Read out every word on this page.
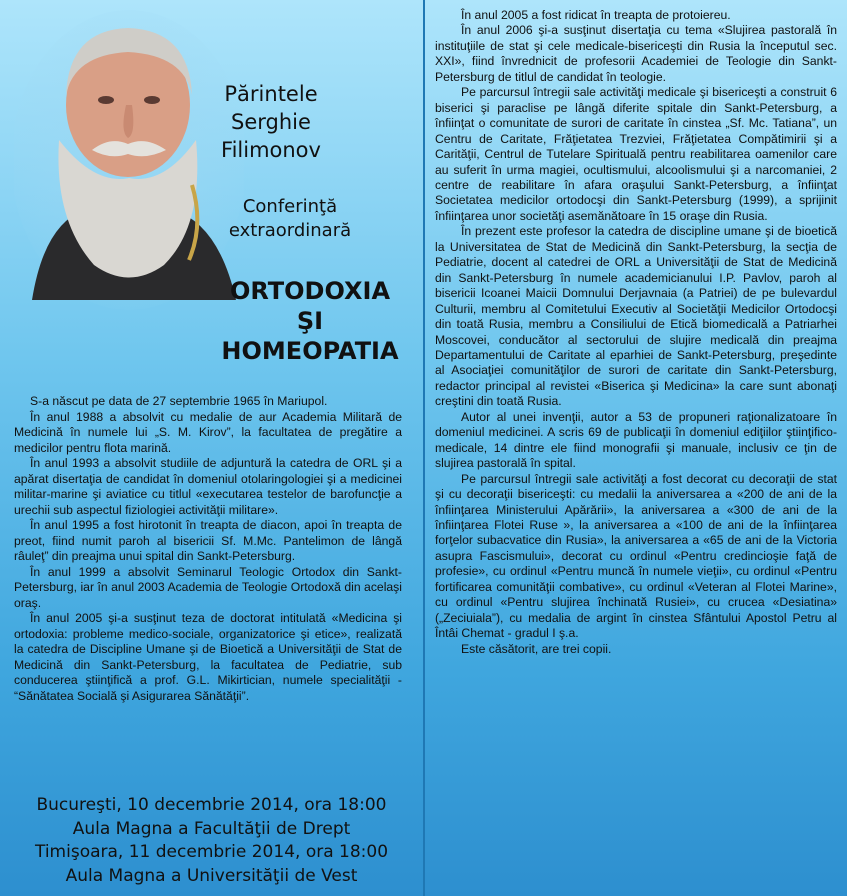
Părintele
Serghie Filimonov
Conferinţă
extraordinară
ORTODOXIA
ŞI
HOMEOPATIA

S-a născut pe data de 27 septembrie 1965 în Mariupol.

În anul 1988 a absolvit cu medalie de aur Academia Militară de Medicină în numele lui „S. M. Kirov”, la facultatea de pregătire a medicilor pentru flota marină.

În anul 1993 a absolvit studiile de adjuntură la catedra de ORL şi a apărat disertaţia de candidat în domeniul otolaringologiei şi a medicinei militar-marine şi aviatice cu titlul «executarea testelor de barofuncţie a urechii sub aspectul fiziologiei activităţii militare».

În anul 1995 a fost hirotonit în treapta de diacon, apoi în treapta de preot, fiind numit paroh al bisericii Sf. M.Mc. Pantelimon de lângă râuleţ” din preajma unui spital din Sankt-Petersburg.

În anul 1999 a absolvit Seminarul Teologic Ortodox din Sankt-Petersburg, iar în anul 2003 Academia de Teologie Ortodoxă din acelaşi oraş.

În anul 2005 şi-a susţinut teza de doctorat intitulată «Medicina şi ortodoxia: probleme medico-sociale, organizatorice şi etice», realizată la catedra de Discipline Umane şi de Bioetică a Universităţii de Stat de Medicină din Sankt-Petersburg, la facultatea de Pediatrie, sub conducerea ştiinţifică a prof. G.L. Mikirtician, numele specialităţii - “Sănătatea Socială şi Asigurarea Sănătăţii”.

Bucureşti, 10 decembrie 2014, ora 18:00
Aula Magna a Facultăţii de Drept
Timişoara, 11 decembrie 2014, ora 18:00
Aula Magna a Universităţii de Vest

În anul 2005 a fost ridicat în treapta de protoiereu.

În anul 2006 şi-a susţinut disertaţia cu tema «Slujirea pastorală în instituţiile de stat şi cele medicale-bisericeşti din Rusia la începutul sec. XXI», fiind învrednicit de profesorii Academiei de Teologie din Sankt-Petersburg de titlul de candidat în teologie.

Pe parcursul întregii sale activităţi medicale şi bisericeşti a construit 6 biserici şi paraclise pe lângă diferite spitale din Sankt-Petersburg, a înfiinţat o comunitate de surori de caritate în cinstea „Sf. Mc. Tatiana”, un Centru de Caritate, Frăţietatea Trezviei, Frăţietatea Compătimirii şi a Carităţii, Centrul de Tutelare Spirituală pentru reabilitarea oamenilor care au suferit în urma magiei, ocultismului, alcoolismului şi a narcomaniei, 2 centre de reabilitare în afara oraşului Sankt-Petersburg, a înfiinţat Societatea medicilor ortodocşi din Sankt-Petersburg (1999), a sprijinit înfiinţarea unor societăţi asemănătoare în 15 oraşe din Rusia.

În prezent este profesor la catedra de discipline umane şi de bioetică la Universitatea de Stat de Medicină din Sankt-Petersburg, la secţia de Pediatrie, docent al catedrei de ORL a Universităţii de Stat de Medicină din Sankt-Petersburg în numele academicianului I.P. Pavlov, paroh al bisericii Icoanei Maicii Domnului Derjavnaia (a Patriei) de pe bulevardul Culturii, membru al Comitetului Executiv al Societăţii Medicilor Ortodocşi din toată Rusia, membru a Consiliului de Etică biomedicală a Patriarhei Moscovei, conducător al sectorului de slujire medicală din preajma Departamentului de Caritate al eparhiei de Sankt-Petersburg, preşedinte al Asociaţiei comunităţilor de surori de caritate din Sankt-Petersburg, redactor principal al revistei «Biserica şi Medicina» la care sunt abonaţi creştini din toată Rusia.

Autor al unei invenţii, autor a 53 de propuneri raţionalizatoare în domeniul medicinei. A scris 69 de publicaţii în domeniul ediţiilor ştiinţifico-medicale, 14 dintre ele fiind monografii şi manuale, inclusiv ce ţin de slujirea pastorală în spital.

Pe parcursul întregii sale activităţi a fost decorat cu decoraţii de stat şi cu decoraţii bisericeşti: cu medalii la aniversarea a «200 de ani de la înfiinţarea Ministerului Apărării», la aniversarea a «300 de ani de la înfiinţarea Flotei Ruse », la aniversarea a «100 de ani de la înfiinţarea forţelor subacvatice din Rusia», la aniversarea a «65 de ani de la Victoria asupra Fascismului», decorat cu ordinul «Pentru credincioşie faţă de profesie», cu ordinul «Pentru muncă în numele vieţii», cu ordinul «Pentru fortificarea comunităţii combative», cu ordinul «Veteran al Flotei Marine», cu ordinul «Pentru slujirea închinată Rusiei», cu crucea «Desiatina» („Zeciuiala”), cu medalia de argint în cinstea Sfântului Apostol Petru al Întâi Chemat - gradul I ş.a.

Este căsătorit, are trei copii.
